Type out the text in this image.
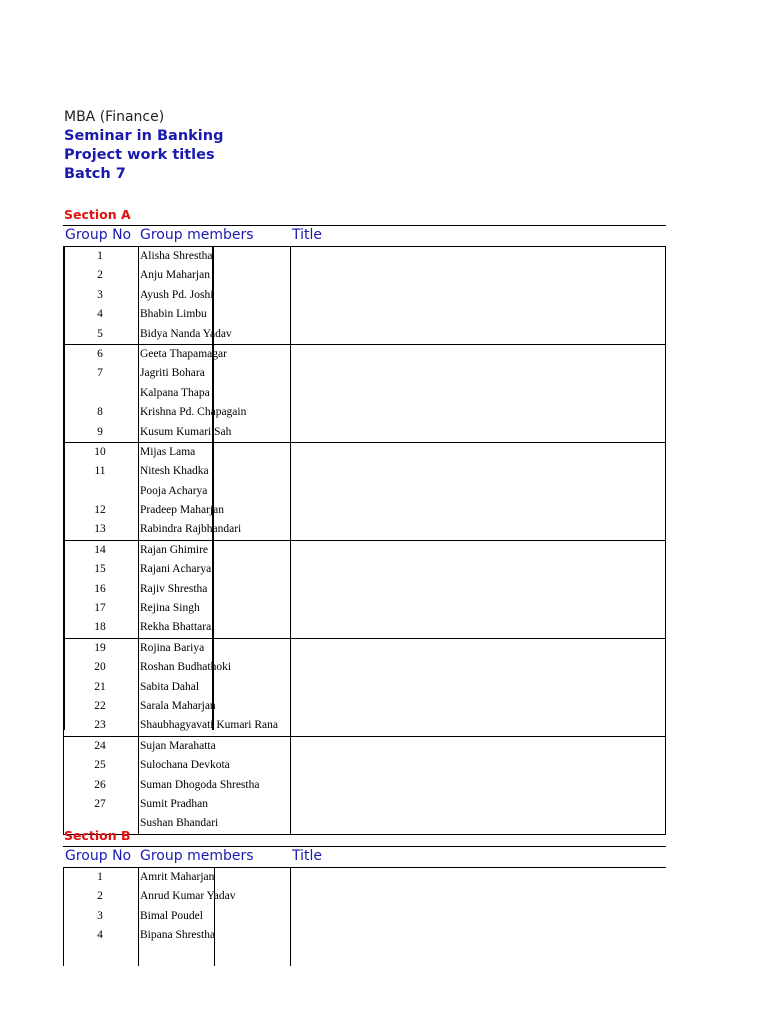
MBA (Finance)
Seminar in Banking
Project work titles
Batch 7
Section A
Group No Group members	Title
1	Alisha Shrestha
2	Anju Maharjan
3	Ayush Pd. Joshi
4	Bhabin Limbu
5	Bidya Nanda Yadav
6	Geeta Thapamagar
7	Jagriti Bohara
Kalpana Thapa
8	Krishna Pd. Chapagain
9	Kusum Kumari Sah
10	Mijas Lama
11	Nitesh Khadka
Pooja Acharya
12	Pradeep Maharjan
13	Rabindra Rajbhandari
14	Rajan Ghimire
15	Rajani Acharya
16	Rajiv Shrestha
17	Rejina Singh
18	Rekha Bhattarai
19	Rojina Bariya
20	Roshan Budhathoki
21	Sabita Dahal
22	Sarala Maharjan
23	Shaubhagyavati Kumari Rana
24	Sujan Marahatta
25	Sulochana Devkota
26	Suman Dhogoda Shrestha
27	Sumit Pradhan
Sushan Bhandari
Section B
Group No Group members	Title
1	Amrit Maharjan
2	Anrud Kumar Yadav
3	Bimal Poudel
4	Bipana Shrestha
